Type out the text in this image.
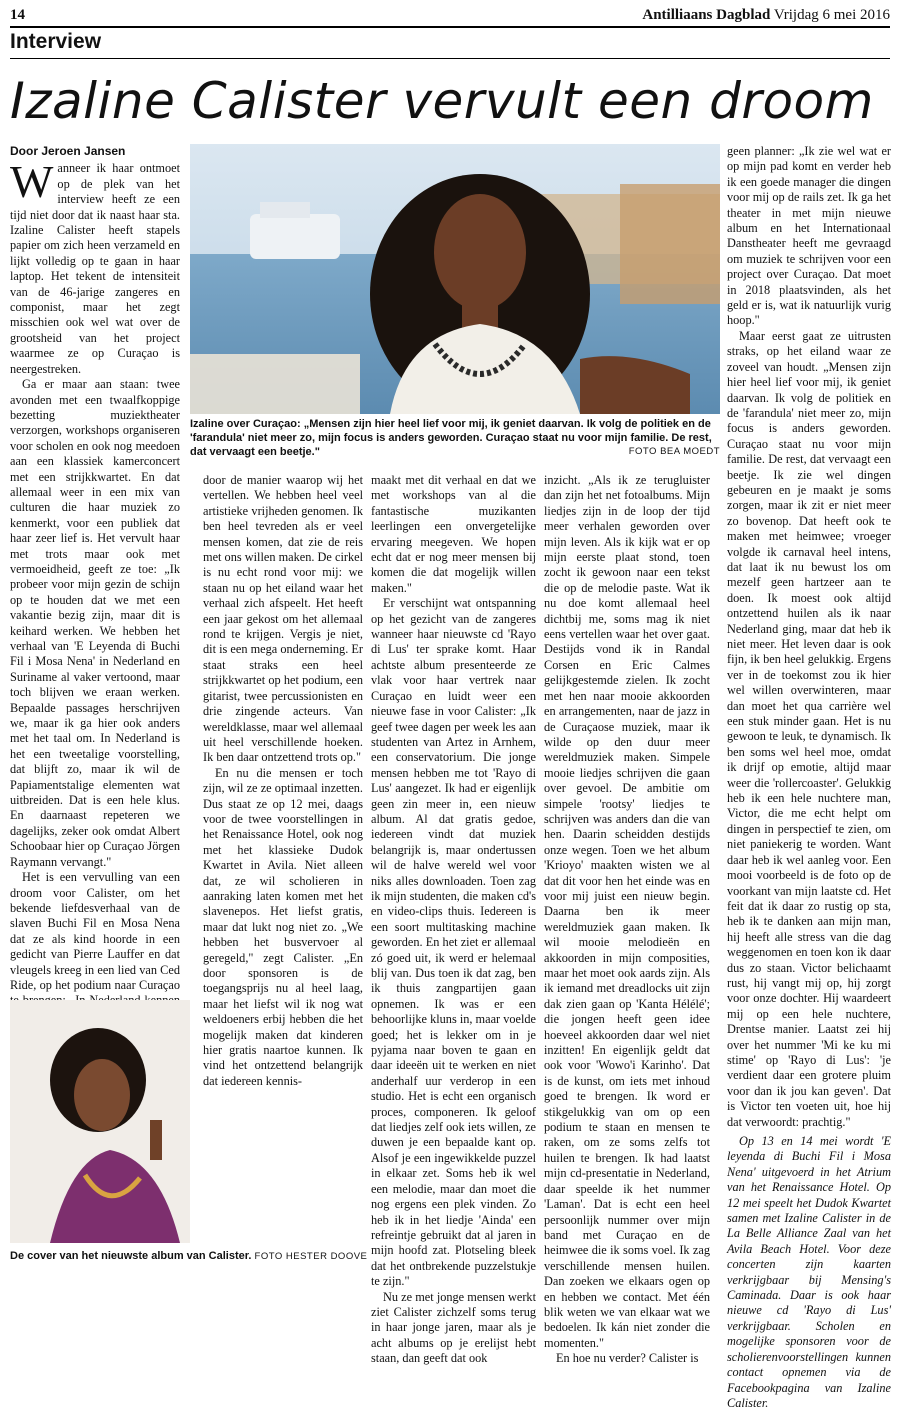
14	Antilliaans Dagblad Vrijdag 6 mei 2016
Interview
Izaline Calister vervult een droom
Door Jeroen Jansen

Wanneer ik haar ontmoet op de plek van het interview heeft ze een tijd niet door dat ik naast haar sta. Izaline Calister heeft stapels papier om zich heen verzameld en lijkt volledig op te gaan in haar laptop. Het tekent de intensiteit van de 46-jarige zangeres en componist, maar het zegt misschien ook wel wat over de grootsheid van het project waarmee ze op Curaçao is neergestreken.

Ga er maar aan staan: twee avonden met een twaalfkoppige bezetting muziektheater verzorgen, workshops organiseren voor scholen en ook nog meedoen aan een klassiek kamerconcert met een strijkkwartet. En dat allemaal weer in een mix van culturen die haar muziek zo kenmerkt, voor een publiek dat haar zeer lief is. Het vervult haar met trots maar ook met vermoeidheid, geeft ze toe: „Ik probeer voor mijn gezin de schijn op te houden dat we met een vakantie bezig zijn, maar dit is keihard werken. We hebben het verhaal van 'E Leyenda di Buchi Fil i Mosa Nena' in Nederland en Suriname al vaker vertoond, maar toch blijven we eraan werken. Bepaalde passages herschrijven we, maar ik ga hier ook anders met het taal om. In Nederland is het een tweetalige voorstelling, dat blijft zo, maar ik wil de Papiamentstalige elementen wat uitbreiden. Dat is een hele klus. En daarnaast repeteren we dagelijks, zeker ook omdat Albert Schoobaar hier op Curaçao Jörgen Raymann vervangt."

Het is een vervulling van een droom voor Calister, om het bekende liefdesverhaal van de slaven Buchi Fil en Mosa Nena dat ze als kind hoorde in een gedicht van Pierre Lauffer en dat vleugels kreeg in een lied van Ced Ride, op het podium naar Curaçao

Izaline over Curaçao: „Mensen zijn hier heel lief voor mij, ik geniet daarvan. Ik volg de politiek en de 'farandula' niet meer zo, mijn focus is anders geworden. Curaçao staat nu voor mijn familie. De rest, dat vervaagt een beetje."	FOTO BEA MOEDT

door de manier waarop wij het vertellen. We hebben heel veel artistieke vrijheden genomen. Ik ben heel tevreden als er veel mensen komen, dat zie de reis met ons willen maken. De cirkel is nu echt rond voor mij: we staan nu op het eiland waar het verhaal zich afspeelt. Het heeft een jaar gekost om het allemaal rond te krijgen. Vergis je niet, dit is een mega onderneming. Er staat straks een heel strijkkwartet op het podium, een gitarist, twee percussionisten en drie zingende acteurs. Van wereldklasse, maar wel allemaal uit heel verschillende hoeken. Ik ben daar ontzettend trots op."

En nu die mensen er toch zijn, wil ze ze optimaal inzetten. Dus staat ze op 12 mei, daags voor de twee voorstellingen in het Renaissance Hotel, ook nog met het klassieke Dudok Kwartet in Avila. Niet alleen dat, ze wil scholieren in aanraking laten komen met het slavenepos. Het liefst gratis, maar dat lukt nog niet zo. „We hebben het busvervoer al geregeld," zegt Calister. „En door sponsoren is de toegangsprijs nu al heel laag, maar het liefst wil ik nog wat weldoeners erbij hebben die het mogelijk maken dat kinderen hier gratis naartoe kunnen. Ik vind het ontzettend belangrijk dat iedereen kennis-

maakt met dit verhaal en dat we met workshops van al die fantastische muzikanten leerlingen een onvergetelijke ervaring meegeven. We hopen echt dat er nog meer mensen bij komen die dat mogelijk willen maken."

Er verschijnt wat ontspanning op het gezicht van de zangeres wanneer haar nieuwste cd 'Rayo di Lus' ter sprake komt. Haar achtste album presenteerde ze vlak voor haar vertrek naar Curaçao en luidt weer een nieuwe fase in voor Calister: „Ik geef twee dagen per week les aan studenten van Artez in Arnhem, een conservatorium. Die jonge mensen hebben me tot 'Rayo di Lus' aangezet. Ik had er eigenlijk geen zin meer in, een nieuw album. Al dat gratis gedoe, iedereen vindt dat muziek belangrijk is, maar ondertussen wil de halve wereld wel voor niks alles downloaden. Toen zag ik mijn studenten, die maken cd's en video-clips thuis. Iedereen is een soort multitasking machine geworden. En het ziet er allemaal zó goed uit, ik werd er helemaal blij van. Dus toen ik dat zag, ben ik thuis zangpartijen gaan opnemen. Ik was er een behoorlijke kluns in, maar voelde goed; het is lekker om in je pyjama naar boven te gaan en daar ideeën uit te werken en niet anderhalf uur verderop in een studio. Het is echt een organisch proces, componeren. Ik geloof dat liedjes zelf ook iets willen, ze duwen je een bepaalde kant op. Alsof je een ingewikkelde puzzel in elkaar zet. Soms heb ik wel een melodie, maar dan moet die nog ergens een plek vinden. Zo heb ik in het liedje 'Ainda' een refreintje gebruikt dat al jaren in mijn hoofd zat. Plotseling bleek dat het ontbrekende puzzelstukje te zijn."

Nu ze met jonge mensen werkt ziet Calister zichzelf soms terug in haar jonge jaren, maar als je acht albums op je erelijst hebt staan, dan geeft dat ook

inzicht. „Als ik ze terugluister dan zijn het net fotoalbums. Mijn liedjes zijn in de loop der tijd meer verhalen geworden over mijn leven. Als ik kijk wat er op mijn eerste plaat stond, toen zocht ik gewoon naar een tekst die op de melodie paste. Wat ik nu doe komt allemaal heel dichtbij me, soms mag ik niet eens vertellen waar het over gaat. Destijds vond ik in Randal Corsen en Eric Calmes gelijkgestemde zielen. Ik zocht met hen naar mooie akkoorden en arrangementen, naar de jazz in de Curaçaose muziek, maar ik wilde op den duur meer wereldmuziek maken. Simpele mooie liedjes schrijven die gaan over gevoel. De ambitie om simpele 'rootsy' liedjes te schrijven was anders dan die van hen. Daarin scheidden destijds onze wegen. Toen we het album 'Krioyo' maakten wisten we al dat dit voor hen het einde was en voor mij juist een nieuw begin. Daarna ben ik meer wereldmuziek gaan maken. Ik wil mooie melodieën en akkoorden in mijn composities, maar het moet ook aards zijn. Als ik iemand met dreadlocks uit zijn dak zien gaan op 'Kanta Hélélé'; die jongen heeft geen idee hoeveel akkoorden daar wel niet inzitten! En eigenlijk geldt dat ook voor 'Wowo'i Karinho'. Dat is de kunst, om iets met inhoud goed te brengen. Ik word er stikgelukkig van om op een podium te staan en mensen te raken, om ze soms zelfs tot huilen te brengen. Ik had laatst mijn cd-presentatie in Nederland, daar speelde ik het nummer 'Laman'. Dat is echt een heel persoonlijk nummer over mijn band met Curaçao en de heimwee die ik soms voel. Ik zag verschillende mensen huilen. Dan zoeken we elkaars ogen op en hebben we contact. Met één blik weten we van elkaar wat we bedoelen. Ik kán niet zonder die momenten."

En hoe nu verder? Calister is

geen planner: „Ik zie wel wat er op mijn pad komt en verder heb ik een goede manager die dingen voor mij op de rails zet. Ik ga het theater in met mijn nieuwe album en het Internationaal Danstheater heeft me gevraagd om muziek te schrijven voor een project over Curaçao. Dat moet in 2018 plaatsvinden, als het geld er is, wat ik natuurlijk vurig hoop."

Maar eerst gaat ze uitrusten straks, op het eiland waar ze zoveel van houdt. „Mensen zijn hier heel lief voor mij, ik geniet daarvan. Ik volg de politiek en de 'farandula' niet meer zo, mijn focus is anders geworden. Curaçao staat nu voor mijn familie. De rest, dat vervaagt een beetje. Ik zie wel dingen gebeuren en je maakt je soms zorgen, maar ik zit er niet meer zo bovenop. Dat heeft ook te maken met heimwee; vroeger volgde ik carnaval heel intens, dat laat ik nu bewust los om mezelf geen hartzeer aan te doen. Ik moest ook altijd ontzettend huilen als ik naar Nederland ging, maar dat heb ik niet meer. Het leven daar is ook fijn, ik ben heel gelukkig. Ergens ver in de toekomst zou ik hier wel willen overwinteren, maar dan moet het qua carrière wel een stuk minder gaan. Het is nu gewoon te leuk, te dynamisch. Ik ben soms wel heel moe, omdat ik drijf op emotie, altijd maar weer die 'rollercoaster'. Gelukkig heb ik een hele nuchtere man, Victor, die me echt helpt om dingen in perspectief te zien, om niet paniekerig te worden. Want daar heb ik wel aanleg voor. Een mooi voorbeeld is de foto op de voorkant van mijn laatste cd. Het feit dat ik daar zo rustig op sta, heb ik te danken aan mijn man, hij heeft alle stress van die dag weggenomen en toen kon ik daar dus zo staan. Victor belichaamt rust, hij vangt mij op, hij zorgt voor onze dochter. Hij waardeert mij op een hele nuchtere, Drentse manier. Laatst zei hij over het nummer 'Mi ke ku mi stime' op 'Rayo di Lus': 'je verdient daar een grotere pluim voor dan ik jou kan geven'. Dat is Victor ten voeten uit, hoe hij dat verwoordt: prachtig."

Op 13 en 14 mei wordt 'E leyenda di Buchi Fil i Mosa Nena' uitgevoerd in het Atrium van het Renaissance Hotel. Op 12 mei speelt het Dudok Kwartet samen met Izaline Calister in de La Belle Alliance Zaal van het Avila Beach Hotel. Voor deze concerten zijn kaarten verkrijgbaar bij Mensing's Caminada. Daar is ook haar nieuwe cd 'Rayo di Lus' verkrijgbaar. Scholen en mogelijke sponsoren voor de scholierenvoorstellingen kunnen contact opnemen via de Facebookpagina van Izaline Calister.

De cover van het nieuwste album van Calister. FOTO HESTER DOOVE
